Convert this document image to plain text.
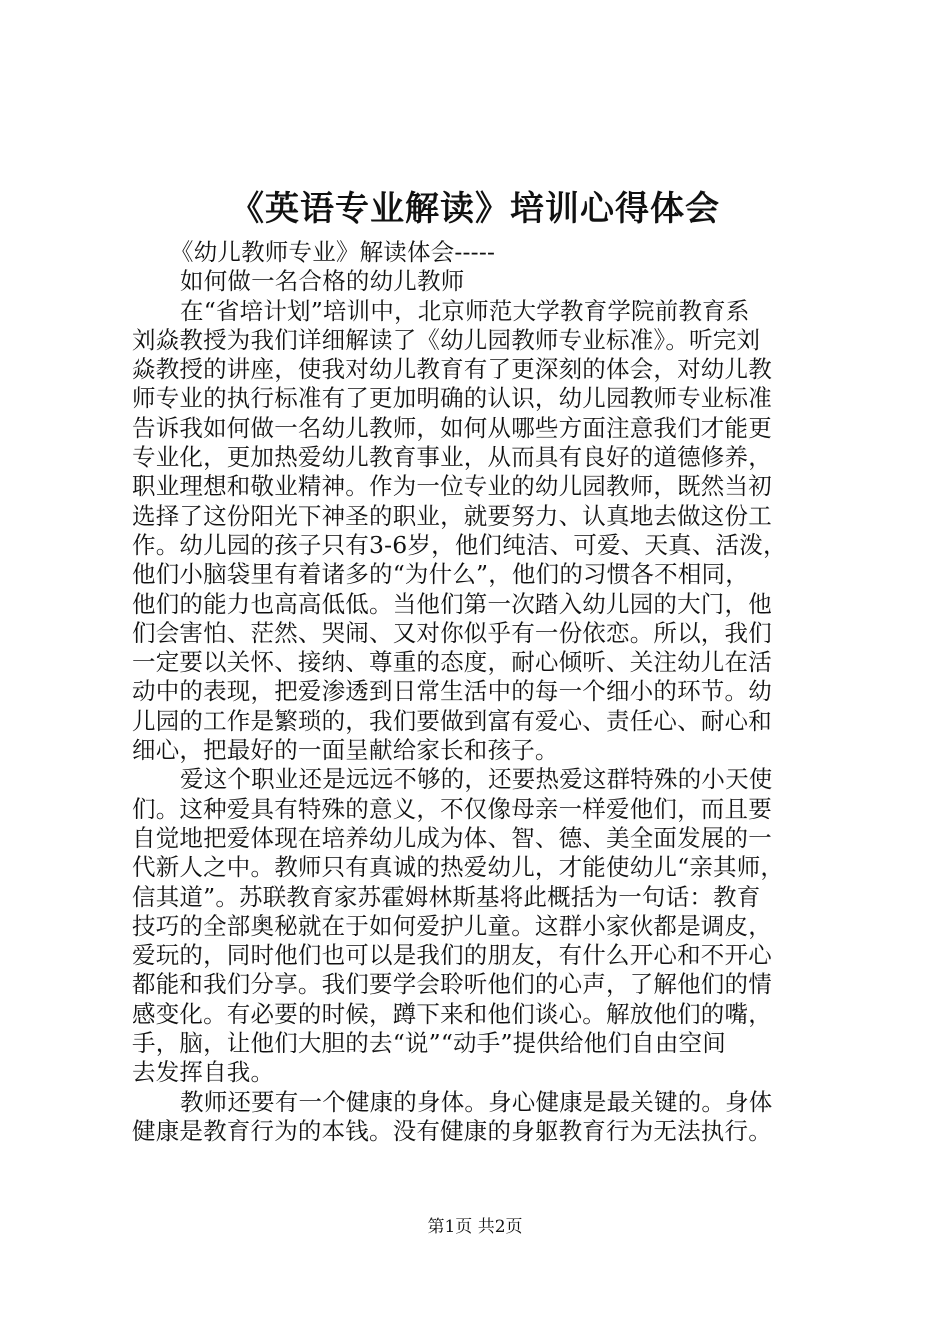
《英语专业解读》培训心得体会
《幼儿教师专业》解读体会-----
如何做一名合格的幼儿教师
在“省培计划”培训中，北京师范大学教育学院前教育系
刘焱教授为我们详细解读了《幼儿园教师专业标准》。听完刘
焱教授的讲座，使我对幼儿教育有了更深刻的体会，对幼儿教
师专业的执行标准有了更加明确的认识，幼儿园教师专业标准
告诉我如何做一名幼儿教师，如何从哪些方面注意我们才能更
专业化，更加热爱幼儿教育事业，从而具有良好的道德修养，
职业理想和敬业精神。作为一位专业的幼儿园教师，既然当初
选择了这份阳光下神圣的职业，就要努力、认真地去做这份工
作。幼儿园的孩子只有3-6岁，他们纯洁、可爱、天真、活泼，
他们小脑袋里有着诸多的“为什么”，他们的习惯各不相同，
他们的能力也高高低低。当他们第一次踏入幼儿园的大门，他
们会害怕、茫然、哭闹、又对你似乎有一份依恋。所以，我们
一定要以关怀、接纳、尊重的态度，耐心倾听、关注幼儿在活
动中的表现，把爱渗透到日常生活中的每一个细小的环节。幼
儿园的工作是繁琐的，我们要做到富有爱心、责任心、耐心和
细心，把最好的一面呈献给家长和孩子。
爱这个职业还是远远不够的，还要热爱这群特殊的小天使
们。这种爱具有特殊的意义，不仅像母亲一样爱他们，而且要
自觉地把爱体现在培养幼儿成为体、智、德、美全面发展的一
代新人之中。教师只有真诚的热爱幼儿，才能使幼儿“亲其师，
信其道”。苏联教育家苏霍姆林斯基将此概括为一句话：教育
技巧的全部奥秘就在于如何爱护儿童。这群小家伙都是调皮，
爱玩的，同时他们也可以是我们的朋友，有什么开心和不开心
都能和我们分享。我们要学会聆听他们的心声，了解他们的情
感变化。有必要的时候，蹲下来和他们谈心。解放他们的嘴，
手，脑，让他们大胆的去“说”“动手”提供给他们自由空间
去发挥自我。
教师还要有一个健康的身体。身心健康是最关键的。身体
健康是教育行为的本钱。没有健康的身躯教育行为无法执行。
第1页 共2页
